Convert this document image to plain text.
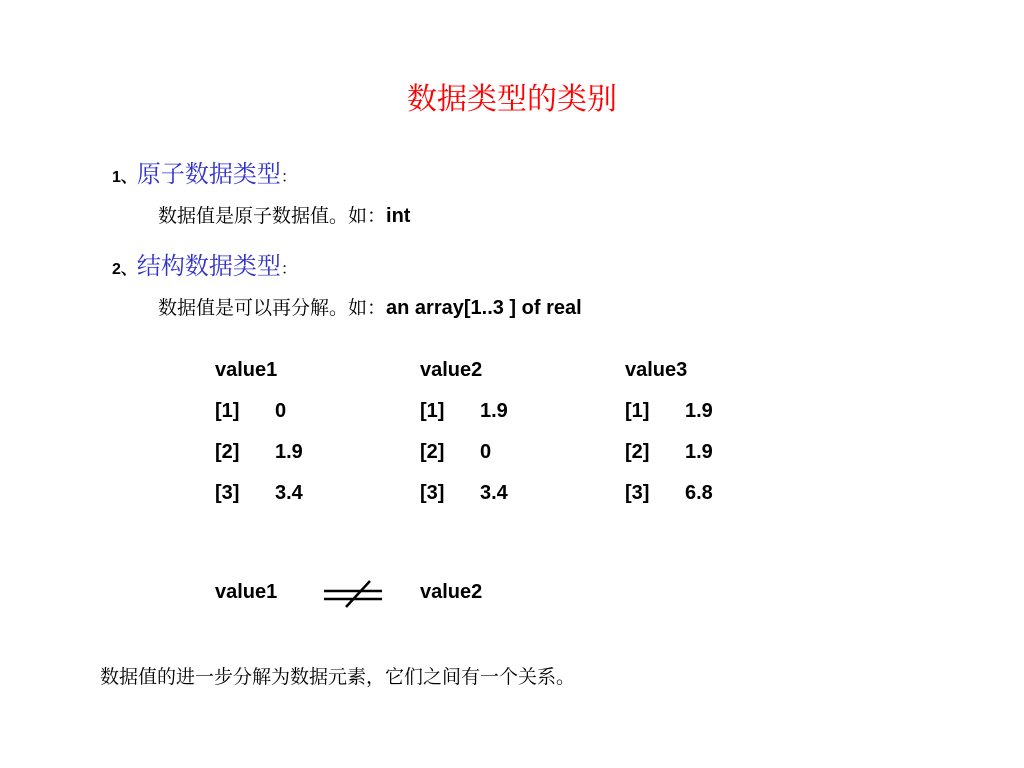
数据类型的类别
1、原子数据类型：
数据值是原子数据值。如：int
2、结构数据类型：
数据值是可以再分解。如：an array[1..3 ] of real
value1
[1] 0
[2] 1.9
[3] 3.4
value2
[1] 1.9
[2] 0
[3] 3.4
value3
[1] 1.9
[2] 1.9
[3] 6.8
value1	value2
数据值的进一步分解为数据元素，它们之间有一个关系。
